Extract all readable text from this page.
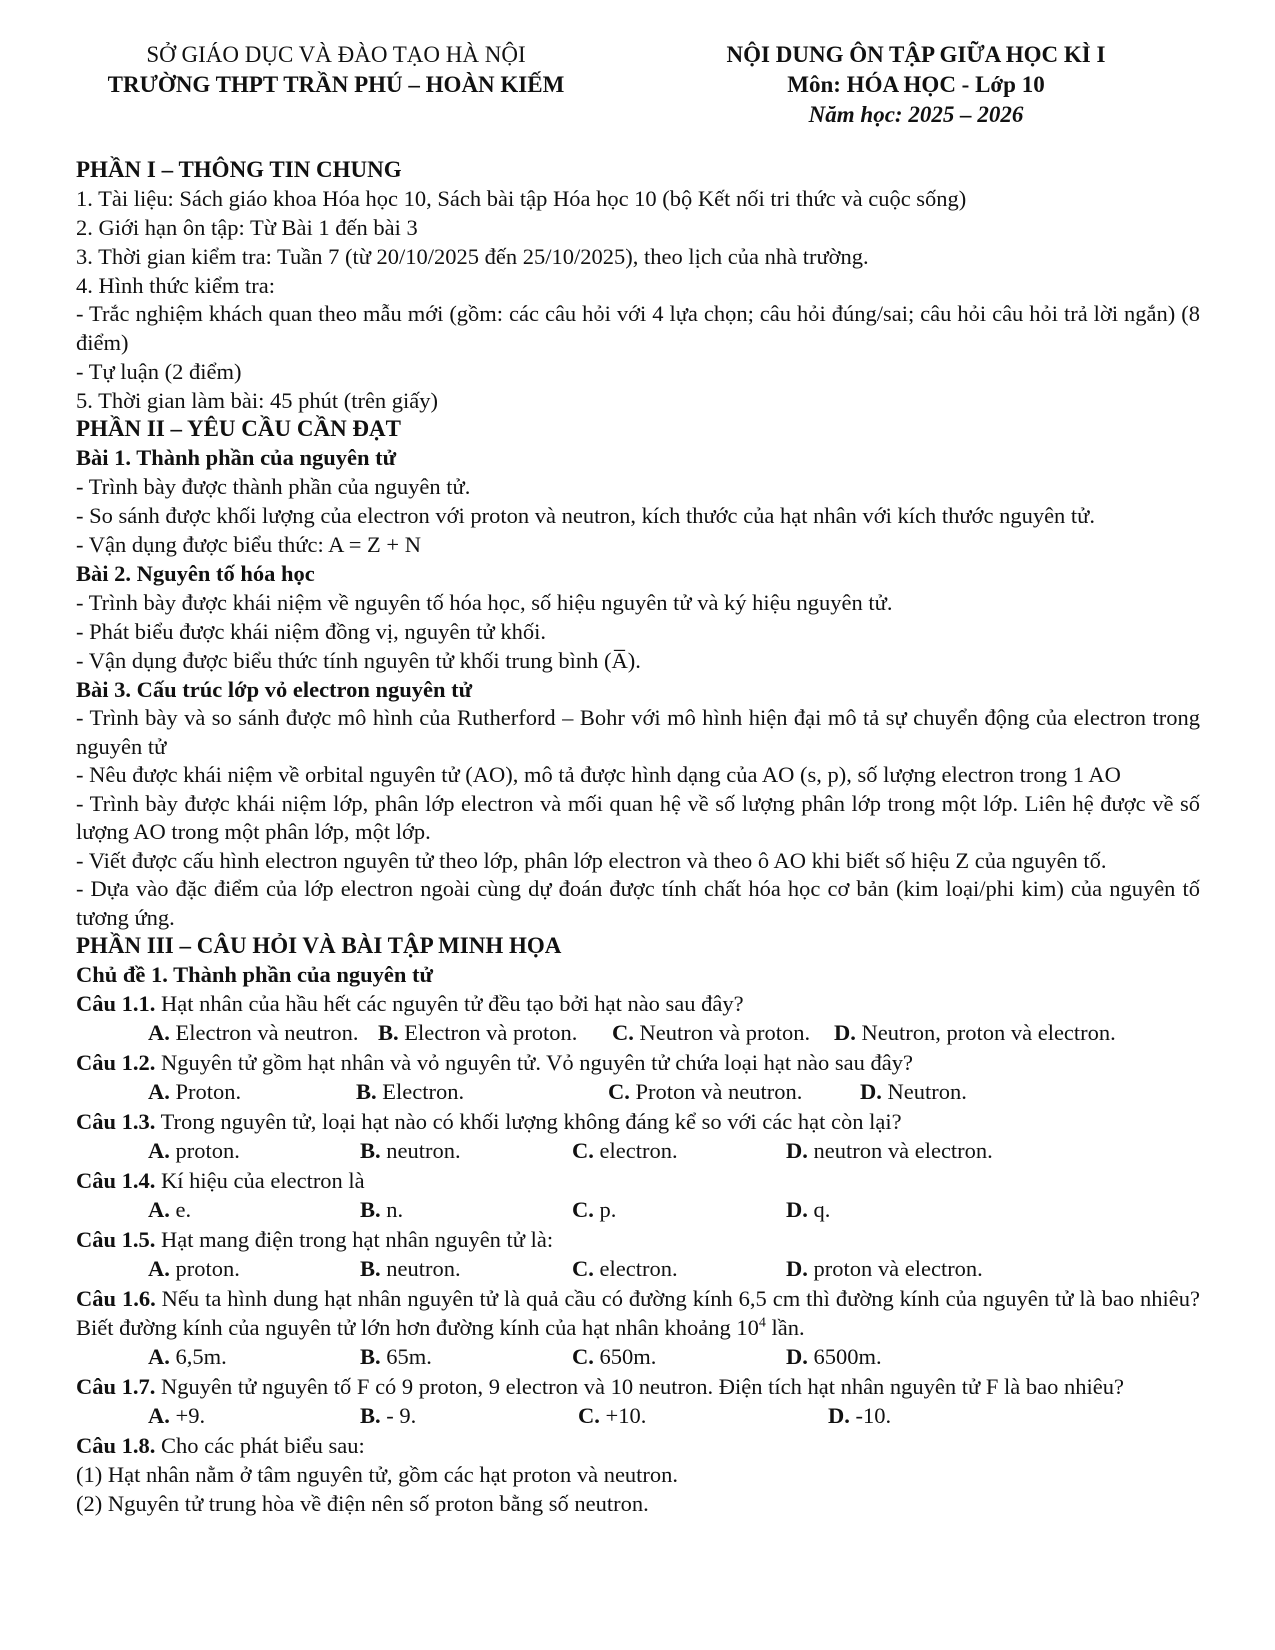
SỞ GIÁO DỤC VÀ ĐÀO TẠO HÀ NỘI
TRƯỜNG THPT TRẦN PHÚ – HOÀN KIẾM
NỘI DUNG ÔN TẬP GIỮA HỌC KÌ I
Môn: HÓA HỌC - Lớp 10
Năm học: 2025 – 2026
PHẦN I – THÔNG TIN CHUNG
1. Tài liệu: Sách giáo khoa Hóa học 10, Sách bài tập Hóa học 10 (bộ Kết nối tri thức và cuộc sống)
2. Giới hạn ôn tập: Từ Bài 1 đến bài 3
3. Thời gian kiểm tra: Tuần 7 (từ 20/10/2025 đến 25/10/2025), theo lịch của nhà trường.
4. Hình thức kiểm tra:
- Trắc nghiệm khách quan theo mẫu mới (gồm: các câu hỏi với 4 lựa chọn; câu hỏi đúng/sai; câu hỏi câu hỏi trả lời ngắn) (8 điểm)
- Tự luận (2 điểm)
5. Thời gian làm bài: 45 phút (trên giấy)
PHẦN II – YÊU CẦU CẦN ĐẠT
Bài 1. Thành phần của nguyên tử
- Trình bày được thành phần của nguyên tử.
- So sánh được khối lượng của electron với proton và neutron, kích thước của hạt nhân với kích thước nguyên tử.
- Vận dụng được biểu thức: A = Z + N
Bài 2. Nguyên tố hóa học
- Trình bày được khái niệm về nguyên tố hóa học, số hiệu nguyên tử và ký hiệu nguyên tử.
- Phát biểu được khái niệm đồng vị, nguyên tử khối.
- Vận dụng được biểu thức tính nguyên tử khối trung bình (A̅).
Bài 3. Cấu trúc lớp vỏ electron nguyên tử
- Trình bày và so sánh được mô hình của Rutherford – Bohr với mô hình hiện đại mô tả sự chuyển động của electron trong nguyên tử
- Nêu được khái niệm về orbital nguyên tử (AO), mô tả được hình dạng của AO (s, p), số lượng electron trong 1 AO
- Trình bày được khái niệm lớp, phân lớp electron và mối quan hệ về số lượng phân lớp trong một lớp. Liên hệ được về số lượng AO trong một phân lớp, một lớp.
- Viết được cấu hình electron nguyên tử theo lớp, phân lớp electron và theo ô AO khi biết số hiệu Z của nguyên tố.
- Dựa vào đặc điểm của lớp electron ngoài cùng dự đoán được tính chất hóa học cơ bản (kim loại/phi kim) của nguyên tố tương ứng.
PHẦN III – CÂU HỎI VÀ BÀI TẬP MINH HỌA
Chủ đề 1. Thành phần của nguyên tử
Câu 1.1. Hạt nhân của hầu hết các nguyên tử đều tạo bởi hạt nào sau đây?
A. Electron và neutron. B. Electron và proton. C. Neutron và proton. D. Neutron, proton và electron.
Câu 1.2. Nguyên tử gồm hạt nhân và vỏ nguyên tử. Vỏ nguyên tử chứa loại hạt nào sau đây?
A. Proton.	B. Electron.	C. Proton và neutron.	D. Neutron.
Câu 1.3. Trong nguyên tử, loại hạt nào có khối lượng không đáng kể so với các hạt còn lại?
A. proton.	B. neutron.	C. electron.	D. neutron và electron.
Câu 1.4. Kí hiệu của electron là
A. e.	B. n.	C. p.	D. q.
Câu 1.5. Hạt mang điện trong hạt nhân nguyên tử là:
A. proton.	B. neutron.	C. electron.	D. proton và electron.
Câu 1.6. Nếu ta hình dung hạt nhân nguyên tử là quả cầu có đường kính 6,5 cm thì đường kính của nguyên tử là bao nhiêu? Biết đường kính của nguyên tử lớn hơn đường kính của hạt nhân khoảng $10^4$ lần.
A. 6,5m.	B. 65m.	C. 650m.	D. 6500m.
Câu 1.7. Nguyên tử nguyên tố F có 9 proton, 9 electron và 10 neutron. Điện tích hạt nhân nguyên tử F là bao nhiêu?
A. +9.	B. - 9.	C. +10.	D. -10.
Câu 1.8. Cho các phát biểu sau:
(1) Hạt nhân nằm ở tâm nguyên tử, gồm các hạt proton và neutron.
(2) Nguyên tử trung hòa về điện nên số proton bằng số neutron.
